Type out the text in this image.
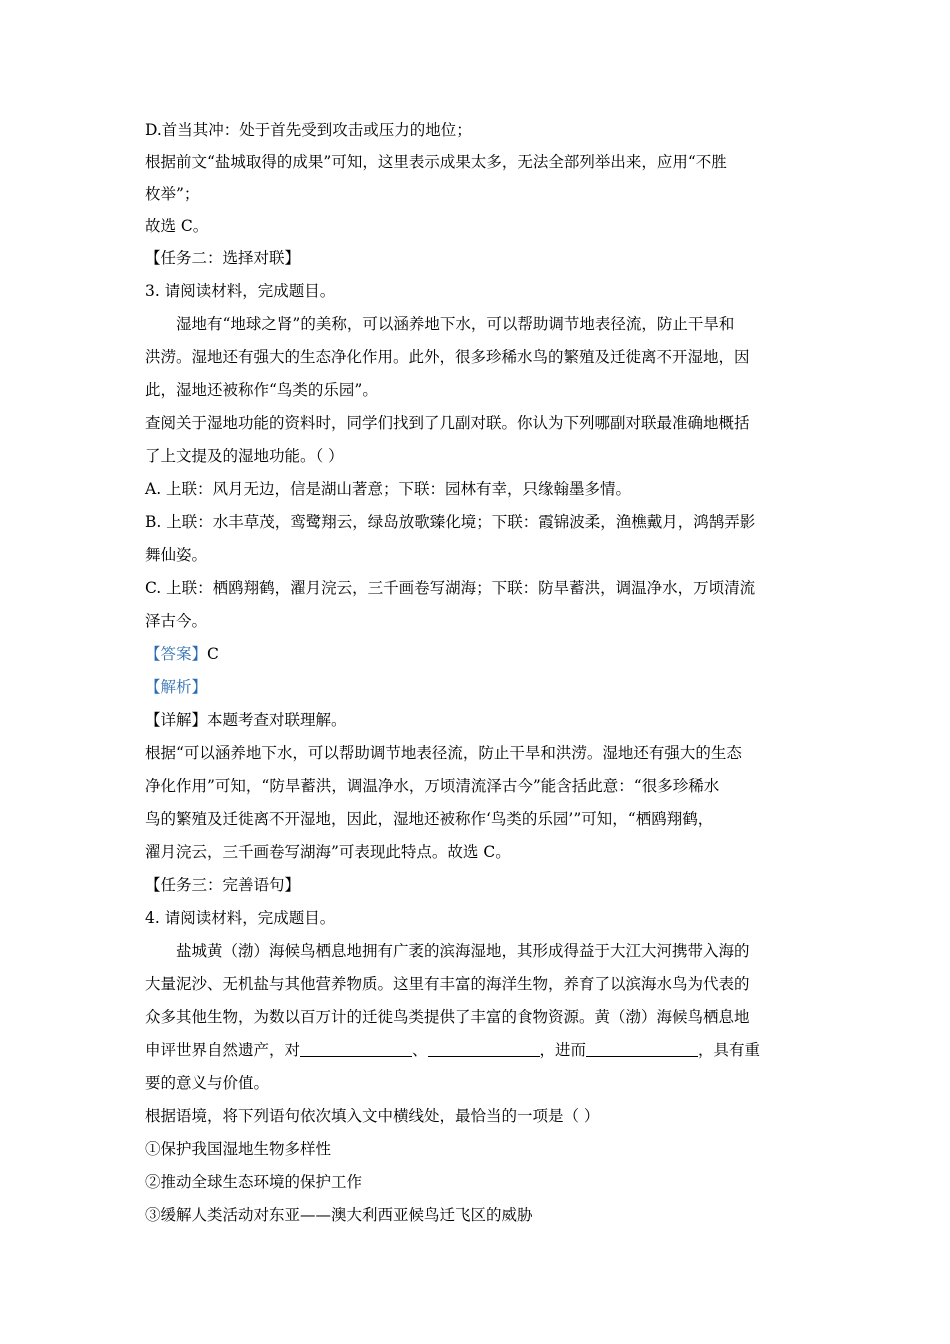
D.首当其冲：处于首先受到攻击或压力的地位；
根据前文“盐城取得的成果”可知，这里表示成果太多，无法全部列举出来，应用“不胜
枚举”；
故选 C。
【任务二：选择对联】
3. 请阅读材料，完成题目。
湿地有“地球之肾”的美称，可以涵养地下水，可以帮助调节地表径流，防止干旱和
洪涝。湿地还有强大的生态净化作用。此外，很多珍稀水鸟的繁殖及迁徙离不开湿地，因
此，湿地还被称作“鸟类的乐园”。
查阅关于湿地功能的资料时，同学们找到了几副对联。你认为下列哪副对联最准确地概括
了上文提及的湿地功能。（ ）
A. 上联：风月无边，信是湖山著意；下联：园林有幸，只缘翰墨多情。
B. 上联：水丰草茂，鸾鹭翔云，绿岛放歌臻化境；下联：霞锦波柔，渔樵戴月，鸿鹄弄影
舞仙姿。
C. 上联：栖鸥翔鹤，濯月浣云，三千画卷写湖海；下联：防旱蓄洪，调温净水，万顷清流
泽古今。
【答案】C
【解析】
【详解】本题考查对联理解。
根据“可以涵养地下水，可以帮助调节地表径流，防止干旱和洪涝。湿地还有强大的生态
净化作用”可知，“防旱蓄洪，调温净水，万顷清流泽古今”能含括此意：“很多珍稀水
鸟的繁殖及迁徙离不开湿地，因此，湿地还被称作‘鸟类的乐园’”可知，“栖鸥翔鹤，
濯月浣云，三千画卷写湖海”可表现此特点。故选 C。
【任务三：完善语句】
4. 请阅读材料，完成题目。
盐城黄（渤）海候鸟栖息地拥有广袤的滨海湿地，其形成得益于大江大河携带入海的
大量泥沙、无机盐与其他营养物质。这里有丰富的海洋生物，养育了以滨海水鸟为代表的
众多其他生物，为数以百万计的迁徙鸟类提供了丰富的食物资源。黄（渤）海候鸟栖息地
申评世界自然遗产，对	、	，进而	，具有重
要的意义与价值。
根据语境，将下列语句依次填入文中横线处，最恰当的一项是（ ）
①保护我国湿地生物多样性
②推动全球生态环境的保护工作
③缓解人类活动对东亚——澳大利西亚候鸟迁飞区的威胁
